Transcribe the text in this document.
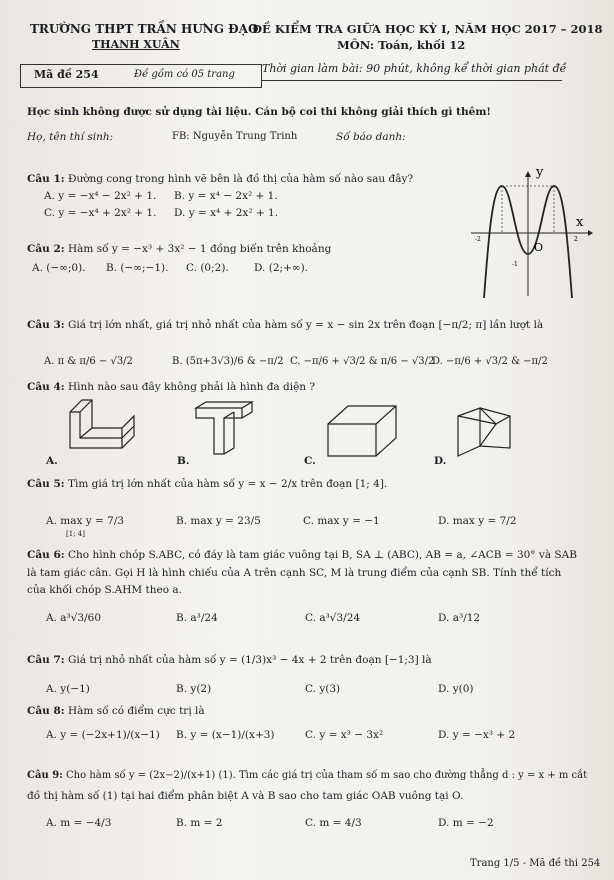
TRƯỜNG THPT TRẦN HƯNG ĐẠO
THANH XUÂN
ĐỀ KIỂM TRA GIỮA HỌC KỲ I, NĂM HỌC 2017 – 2018
MÔN: Toán, khối 12
Mã đề 254	Đề gồm có 05 trang Thời gian làm bài: 90 phút, không kể thời gian phát đề
Học sinh không được sử dụng tài liệu. Cán bộ coi thi không giải thích gì thêm!
Họ, tên thí sinh:	FB: Nguyễn Trung Trinh	Số báo danh:
Câu 1: Đường cong trong hình vẽ bên là đồ thị của hàm số nào sau đây?
A. y = −x⁴ − 2x² + 1. B. y = x⁴ − 2x² + 1.
C. y = −x⁴ + 2x² + 1. D. y = x⁴ + 2x² + 1.
y
x
O
-1
-2	2
Câu 2: Hàm số y = −x³ + 3x² − 1 đồng biến trên khoảng
A. (−∞;0). B. (−∞;−1). C. (0;2). D. (2;+∞).
Câu 3: Giá trị lớn nhất, giá trị nhỏ nhất của hàm số y = x − sin 2x trên đoạn [−π/2; π] lần lượt là
A. π & π/6 − √3/2	B. (5π+3√3)/6 & −π/2 C. −π/6 + √3/2 & π/6 − √3/2
D. −π/6 + √3/2 & −π/2
Câu 4: Hình nào sau đây không phải là hình đa diện ?
A.	B.	C.	D.
Câu 5: Tìm giá trị lớn nhất của hàm số y = x − 2/x trên đoạn [1; 4].
A. max y = 7/3	B. max y = 23/5	C. max y = −1	D. max y = 7/2
[1; 4]
Câu 6: Cho hình chóp S.ABC, có đáy là tam giác vuông tại B, SA ⊥ (ABC), AB = a, ∠ACB = 30° và SAB
là tam giác cân. Gọi H là hình chiếu của A trên cạnh SC, M là trung điểm của cạnh SB. Tính thể tích
của khối chóp S.AHM theo a.
A. a³√3/60	B. a³/24	C. a³√3/24	D. a³/12
Câu 7: Giá trị nhỏ nhất của hàm số y = (1/3)x³ − 4x + 2 trên đoạn [−1;3] là
A. y(−1)	B. y(2)	C. y(3)	D. y(0)
Câu 8: Hàm số có điểm cực trị là
A. y = (−2x+1)/(x−1) B. y = (x−1)/(x+3)	C. y = x³ − 3x²	D. y = −x³ + 2
Câu 9: Cho hàm số y = (2x−2)/(x+1) (1). Tìm các giá trị của tham số m sao cho đường thẳng d : y = x + m cắt
đồ thị hàm số (1) tại hai điểm phân biệt A và B sao cho tam giác OAB vuông tại O.
A. m = −4/3	B. m = 2	C. m = 4/3	D. m = −2
Trang 1/5 - Mã đề thi 254
